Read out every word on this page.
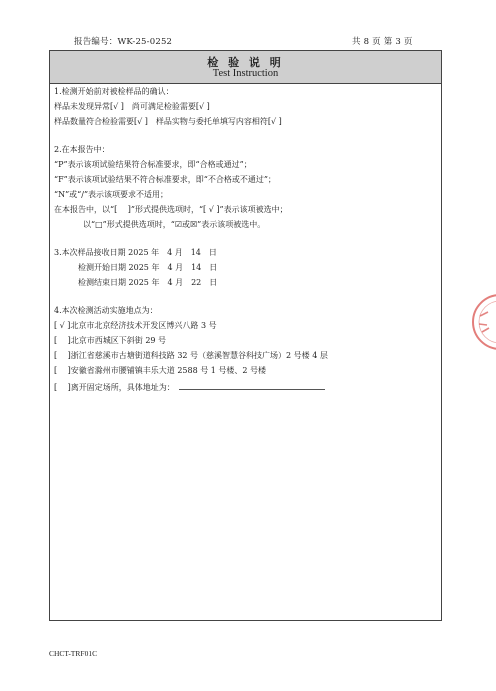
报告编号：WK-25-0252	共 8 页 第 3 页
检 验 说 明
Test Instruction
1.检测开始前对被检样品的确认：
样品未发现异常[√ ]　尚可满足检验需要[√ ]
样品数量符合检验需要[√ ]　样品实物与委托单填写内容相符[√ ]
2.在本报告中：
“P”表示该项试验结果符合标准要求，即“合格或通过”；
“F”表示该项试验结果不符合标准要求，即“不合格或不通过”；
“N”或“/”表示该项要求不适用；
在本报告中，以“[　 ]”形式提供选项时，“[ √ ]”表示该项被选中；
以“□”形式提供选项时，“☑或☒”表示该项被选中。
3.本次样品接收日期 2025 年　4 月　14　日
检测开始日期 2025 年　4 月　14　日
检测结束日期 2025 年　4 月　22　日
4.本次检测活动实施地点为：
[ √ ]北京市北京经济技术开发区博兴八路 3 号
[　 ]北京市西城区下斜街 29 号
[　 ]浙江省慈溪市古塘街道科技路 32 号（慈溪智慧谷科技广场）2 号楼 4 层
[　 ]安徽省滁州市腰铺镇丰乐大道 2588 号 1 号楼、2 号楼
[　 ]离开固定场所，具体地址为：
CHCT-TRF01C
